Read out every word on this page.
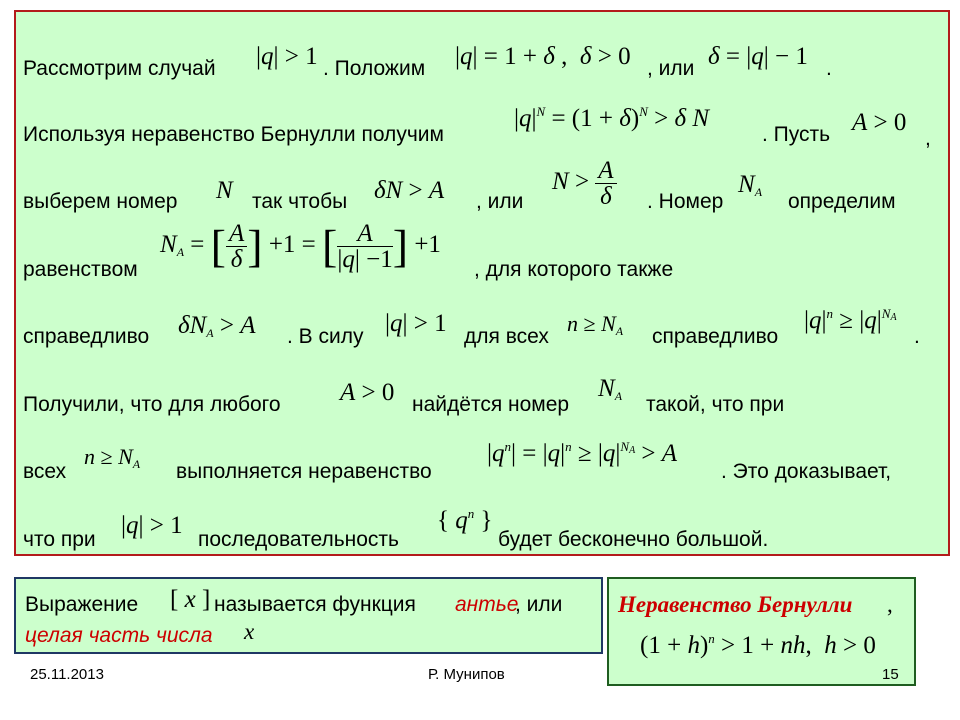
Рассмотрим случай |q| > 1 . Положим |q| = 1 + δ ,  δ > 0 , или δ = |q| − 1 .
Используя неравенство Бернулли получим
$|q|^N = (1 + \delta)^N > \delta$ N
. Пусть A > 0
,
выберем номер N так чтобы δN > A , или
$N > \frac{A}{\delta}$ . Номер
NA определим
равенством
NA = [ $\frac{A}{\delta}$ ] +1 = [ $\frac{A}{|q| -1}$ ] +1
, для которого также
справедливо δNA > A . В силу |q| > 1 для всех
n ≥ NA справедливо
$|q|^n \ge |q|^{NA}$
.
Получили, что для любого A > 0 найдётся номер
NA такой, что при
всех
n ≥ NA выполняется неравенство
$|q^n| = |q|^n \ge |q|^{NA} > A$
. Это доказывает,
что при
|q| > 1
последовательность
{ $q^n$ }
будет бесконечно большой.
Выражение [ x ] называется функция антье
, или
целая часть числа x
Неравенство Бернулли ,
$(1 + h)^n > 1$ + nh,  h > 0
25.11.2013	Р. Мунипов	15
